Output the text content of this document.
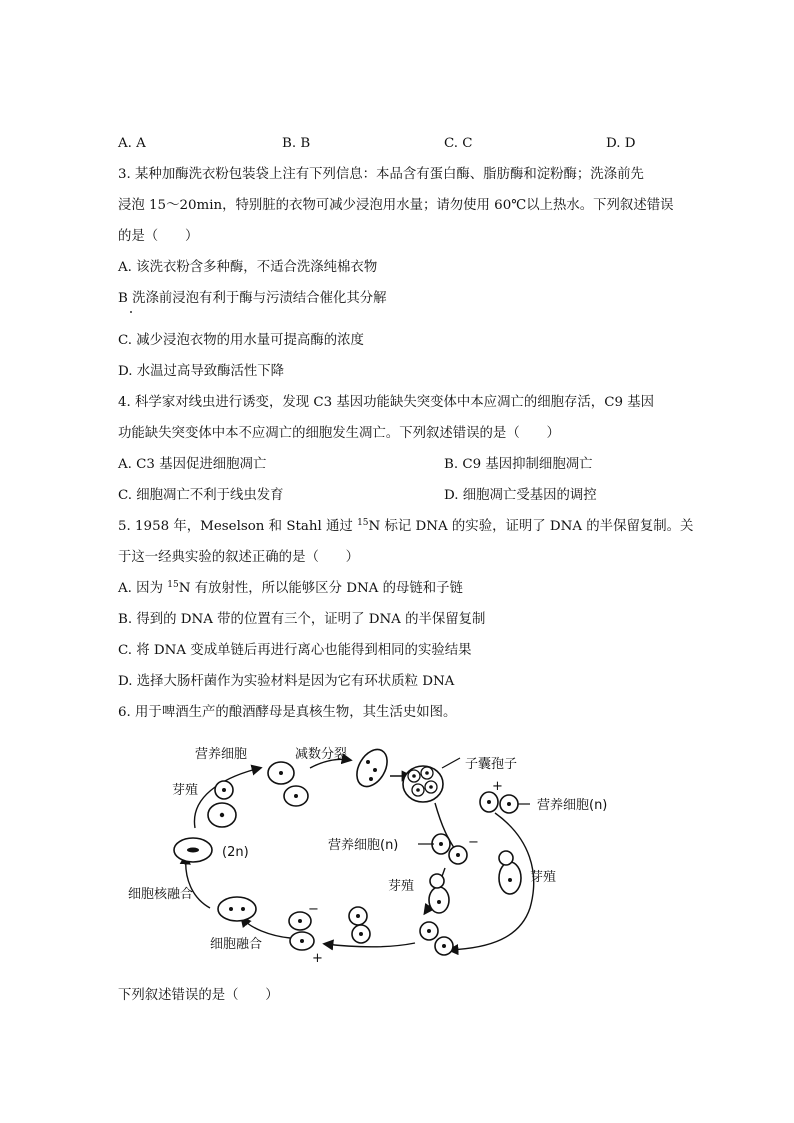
A. A	B. B	C. C	D. D
3. 某种加酶洗衣粉包装袋上注有下列信息：本品含有蛋白酶、脂肪酶和淀粉酶；洗涤前先
浸泡 15～20min，特别脏的衣物可减少浸泡用水量；请勿使用 60℃以上热水。下列叙述错误
的是（　　）
A. 该洗衣粉含多种酶，不适合洗涤纯棉衣物
B 洗涤前浸泡有利于酶与污渍结合催化其分解
C. 减少浸泡衣物的用水量可提高酶的浓度
D. 水温过高导致酶活性下降
4. 科学家对线虫进行诱变，发现 C3 基因功能缺失突变体中本应凋亡的细胞存活，C9 基因
功能缺失突变体中本不应凋亡的细胞发生凋亡。下列叙述错误的是（　　）
A. C3 基因促进细胞凋亡	B. C9 基因抑制细胞凋亡
C. 细胞凋亡不利于线虫发育	D. 细胞凋亡受基因的调控
5. 1958 年，Meselson 和 Stahl 通过 $^{15}$N 标记 DNA 的实验，证明了 DNA 的半保留复制。关
于这一经典实验的叙述正确的是（　　）
A. 因为 $^{15}$N 有放射性，所以能够区分 DNA 的母链和子链
B. 得到的 DNA 带的位置有三个，证明了 DNA 的半保留复制
C. 将 DNA 变成单链后再进行离心也能得到相同的实验结果
D. 选择大肠杆菌作为实验材料是因为它有环状质粒 DNA
6. 用于啤酒生产的酿酒酵母是真核生物，其生活史如图。
营养细胞	减数分裂
子囊孢子
营养细胞(n)
+
芽殖
(2n)	营养细胞(n)	−
芽殖
芽殖
细胞核融合
−
细胞融合
+
下列叙述错误的是（　　）
